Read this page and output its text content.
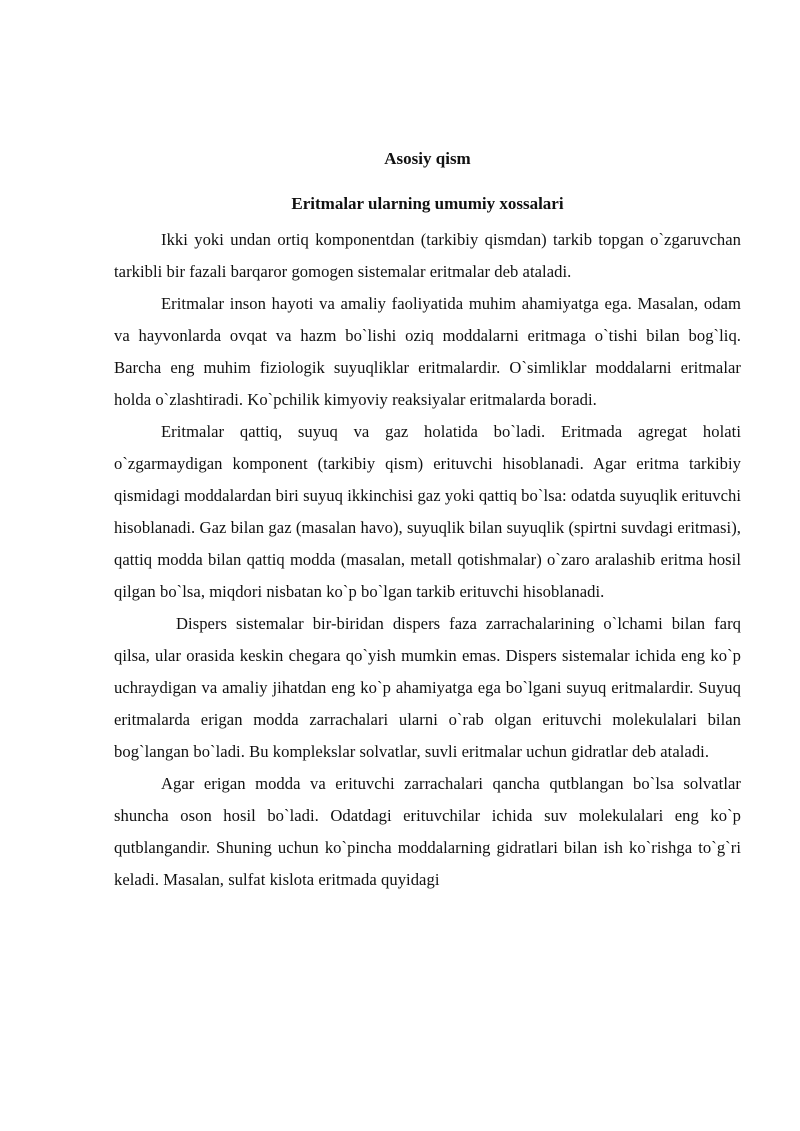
Asosiy qism

Eritmalar ularning umumiy xossalari

Ikki yoki undan ortiq komponentdan (tarkibiy qismdan) tarkib topgan o`zgaruvchan tarkibli bir fazali barqaror gomogen sistemalar eritmalar deb ataladi.

Eritmalar inson hayoti va amaliy faoliyatida muhim ahamiyatga ega. Masalan, odam va hayvonlarda ovqat va hazm bo`lishi oziq moddalarni eritmaga o`tishi bilan bog`liq. Barcha eng muhim fiziologik suyuqliklar eritmalardir. O`simliklar moddalarni eritmalar holda o`zlashtiradi. Ko`pchilik kimyoviy reaksiyalar eritmalarda boradi.

Eritmalar qattiq, suyuq va gaz holatida bo`ladi. Eritmada agregat holati o`zgarmaydigan komponent (tarkibiy qism) erituvchi hisoblanadi. Agar eritma tarkibiy qismidagi moddalardan biri suyuq ikkinchisi gaz yoki qattiq bo`lsa: odatda suyuqlik erituvchi hisoblanadi. Gaz bilan gaz (masalan havo), suyuqlik bilan suyuqlik (spirtni suvdagi eritmasi), qattiq modda bilan qattiq modda (masalan, metall qotishmalar) o`zaro aralashib eritma hosil qilgan bo`lsa, miqdori nisbatan ko`p bo`lgan tarkib erituvchi hisoblanadi.

Dispers sistemalar bir-biridan dispers faza zarrachalarining o`lchami bilan farq qilsa, ular orasida keskin chegara qo`yish mumkin emas. Dispers sistemalar ichida eng ko`p uchraydigan va amaliy jihatdan eng ko`p ahamiyatga ega bo`lgani suyuq eritmalardir. Suyuq eritmalarda erigan modda zarrachalari ularni o`rab olgan erituvchi molekulalari bilan bog`langan bo`ladi. Bu komplekslar solvatlar, suvli eritmalar uchun gidratlar deb ataladi.

Agar erigan modda va erituvchi zarrachalari qancha qutblangan bo`lsa solvatlar shuncha oson hosil bo`ladi. Odatdagi erituvchilar ichida suv molekulalari eng ko`p qutblangandir. Shuning uchun ko`pincha moddalarning gidratlari bilan ish ko`rishga to`g`ri keladi. Masalan, sulfat kislota eritmada quyidagi
